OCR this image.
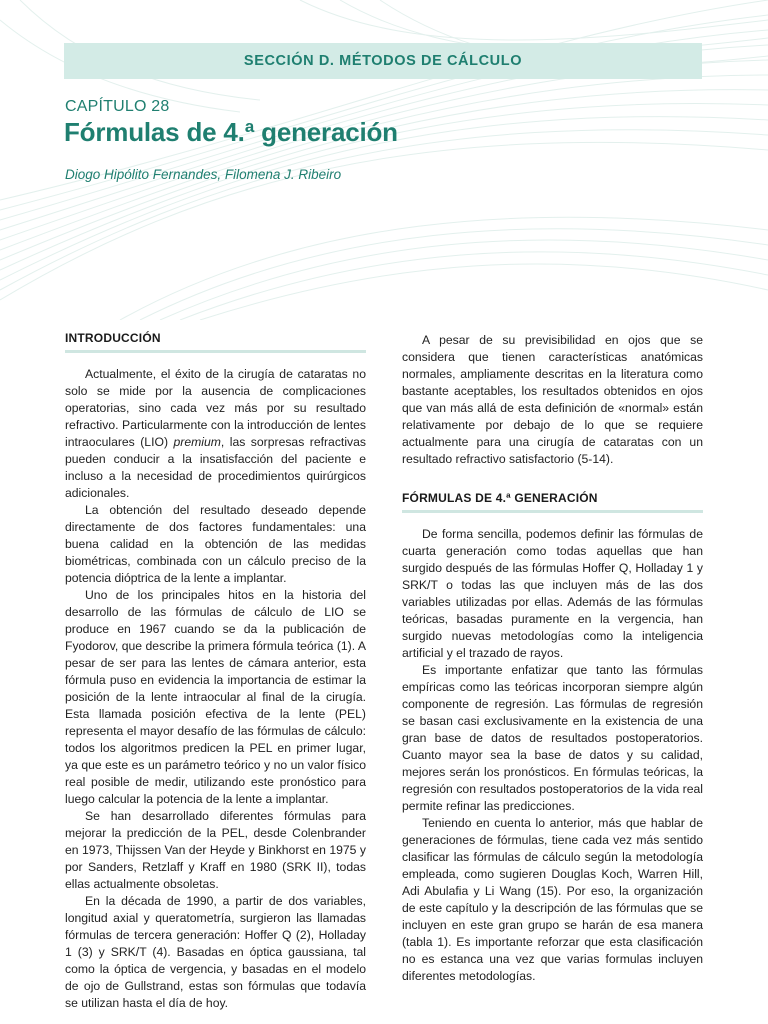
SECCIÓN D. MÉTODOS DE CÁLCULO
CAPÍTULO 28
Fórmulas de 4.ª generación
Diogo Hipólito Fernandes, Filomena J. Ribeiro
INTRODUCCIÓN

Actualmente, el éxito de la cirugía de cataratas no solo se mide por la ausencia de complicaciones operatorias, sino cada vez más por su resultado refractivo. Particularmente con la introducción de lentes intraoculares (LIO) premium, las sorpresas refractivas pueden conducir a la insatisfacción del paciente e incluso a la necesidad de procedimientos quirúrgicos adicionales.

La obtención del resultado deseado depende directamente de dos factores fundamentales: una buena calidad en la obtención de las medidas biométricas, combinada con un cálculo preciso de la potencia dióptrica de la lente a implantar.

Uno de los principales hitos en la historia del desarrollo de las fórmulas de cálculo de LIO se produce en 1967 cuando se da la publicación de Fyodorov, que describe la primera fórmula teórica (1). A pesar de ser para las lentes de cámara anterior, esta fórmula puso en evidencia la importancia de estimar la posición de la lente intraocular al final de la cirugía. Esta llamada posición efectiva de la lente (PEL) representa el mayor desafío de las fórmulas de cálculo: todos los algoritmos predicen la PEL en primer lugar, ya que este es un parámetro teórico y no un valor físico real posible de medir, utilizando este pronóstico para luego calcular la potencia de la lente a implantar.

Se han desarrollado diferentes fórmulas para mejorar la predicción de la PEL, desde Colenbrander en 1973, Thijssen Van der Heyde y Binkhorst en 1975 y por Sanders, Retzlaff y Kraff en 1980 (SRK II), todas ellas actualmente obsoletas.

En la década de 1990, a partir de dos variables, longitud axial y queratometría, surgieron las llamadas fórmulas de tercera generación: Hoffer Q (2), Holladay 1 (3) y SRK/T (4). Basadas en óptica gaussiana, tal como la óptica de vergencia, y basadas en el modelo de ojo de Gullstrand, estas son fórmulas que todavía se utilizan hasta el día de hoy.

A pesar de su previsibilidad en ojos que se considera que tienen características anatómicas normales, ampliamente descritas en la literatura como bastante aceptables, los resultados obtenidos en ojos que van más allá de esta definición de «normal» están relativamente por debajo de lo que se requiere actualmente para una cirugía de cataratas con un resultado refractivo satisfactorio (5-14).

FÓRMULAS DE 4.ª GENERACIÓN

De forma sencilla, podemos definir las fórmulas de cuarta generación como todas aquellas que han surgido después de las fórmulas Hoffer Q, Holladay 1 y SRK/T o todas las que incluyen más de las dos variables utilizadas por ellas. Además de las fórmulas teóricas, basadas puramente en la vergencia, han surgido nuevas metodologías como la inteligencia artificial y el trazado de rayos.

Es importante enfatizar que tanto las fórmulas empíricas como las teóricas incorporan siempre algún componente de regresión. Las fórmulas de regresión se basan casi exclusivamente en la existencia de una gran base de datos de resultados postoperatorios. Cuanto mayor sea la base de datos y su calidad, mejores serán los pronósticos. En fórmulas teóricas, la regresión con resultados postoperatorios de la vida real permite refinar las predicciones.

Teniendo en cuenta lo anterior, más que hablar de generaciones de fórmulas, tiene cada vez más sentido clasificar las fórmulas de cálculo según la metodología empleada, como sugieren Douglas Koch, Warren Hill, Adi Abulafia y Li Wang (15). Por eso, la organización de este capítulo y la descripción de las fórmulas que se incluyen en este gran grupo se harán de esa manera (tabla 1). Es importante reforzar que esta clasificación no es estanca una vez que varias formulas incluyen diferentes metodologías.
